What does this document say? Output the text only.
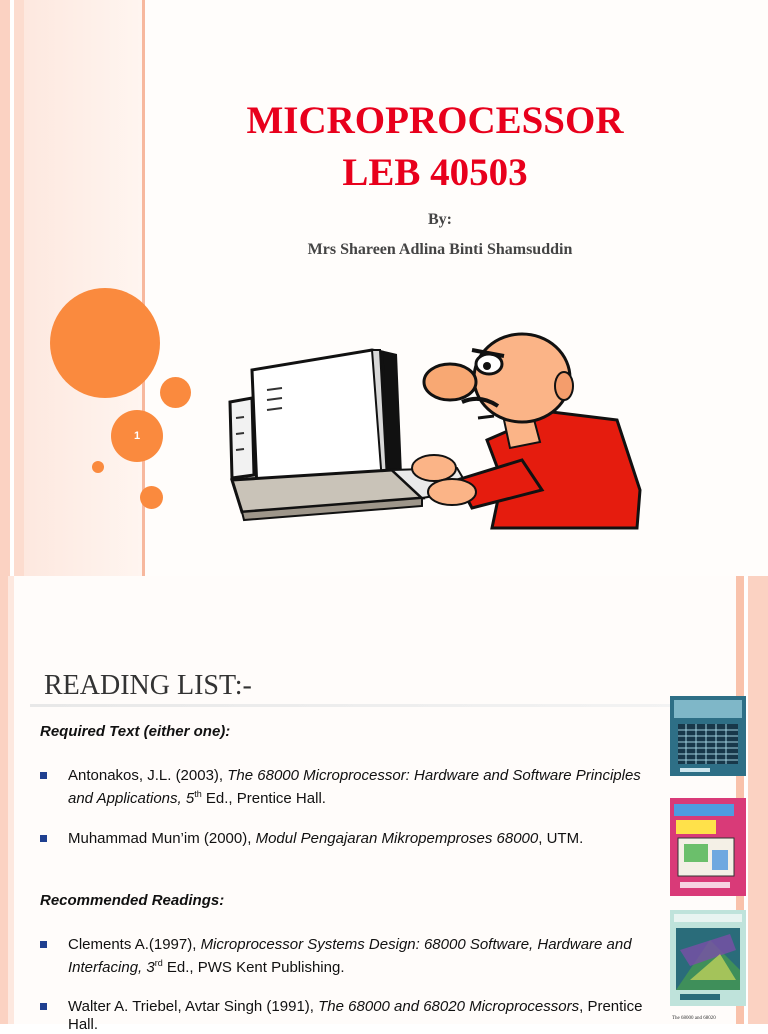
1
MICROPROCESSOR
LEB 40503
By:
Mrs Shareen Adlina Binti Shamsuddin
READING LIST:-
Required Text (either one):
Antonakos, J.L. (2003), The 68000 Microprocessor: Hardware and Software Principles and Applications, 5th Ed., Prentice Hall.
Muhammad Mun’im (2000), Modul Pengajaran Mikropemproses 68000, UTM.
Recommended Readings:
Clements A.(1997), Microprocessor Systems Design: 68000 Software, Hardware and Interfacing, 3rd Ed., PWS Kent Publishing.
Walter A. Triebel, Avtar Singh (1991), The 68000 and 68020 Microprocessors, Prentice Hall.	The 68000 and 68020
